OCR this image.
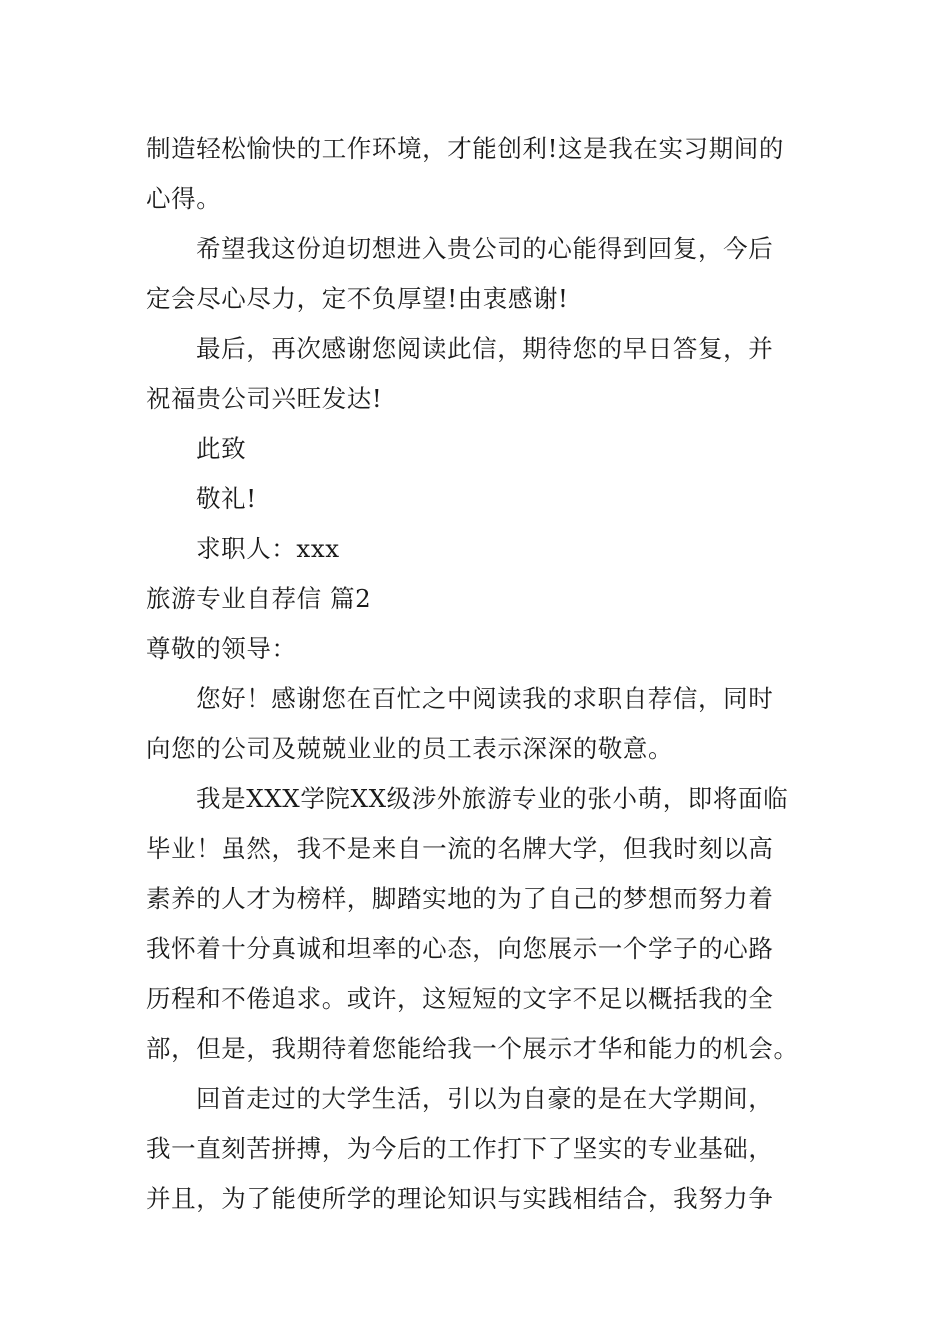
制造轻松愉快的工作环境，才能创利!这是我在实习期间的
心得。
希望我这份迫切想进入贵公司的心能得到回复，今后
定会尽心尽力，定不负厚望!由衷感谢!
最后，再次感谢您阅读此信，期待您的早日答复，并
祝福贵公司兴旺发达!
此致
敬礼!
求职人：xxx
旅游专业自荐信 篇2
尊敬的领导：
您好！感谢您在百忙之中阅读我的求职自荐信，同时
向您的公司及兢兢业业的员工表示深深的敬意。
我是XXX学院XX级涉外旅游专业的张小萌，即将面临
毕业！虽然，我不是来自一流的名牌大学，但我时刻以高
素养的人才为榜样，脚踏实地的为了自己的梦想而努力着
我怀着十分真诚和坦率的心态，向您展示一个学子的心路
历程和不倦追求。或许，这短短的文字不足以概括我的全
部，但是，我期待着您能给我一个展示才华和能力的机会。
回首走过的大学生活，引以为自豪的是在大学期间，
我一直刻苦拼搏，为今后的工作打下了坚实的专业基础，
并且，为了能使所学的理论知识与实践相结合，我努力争
